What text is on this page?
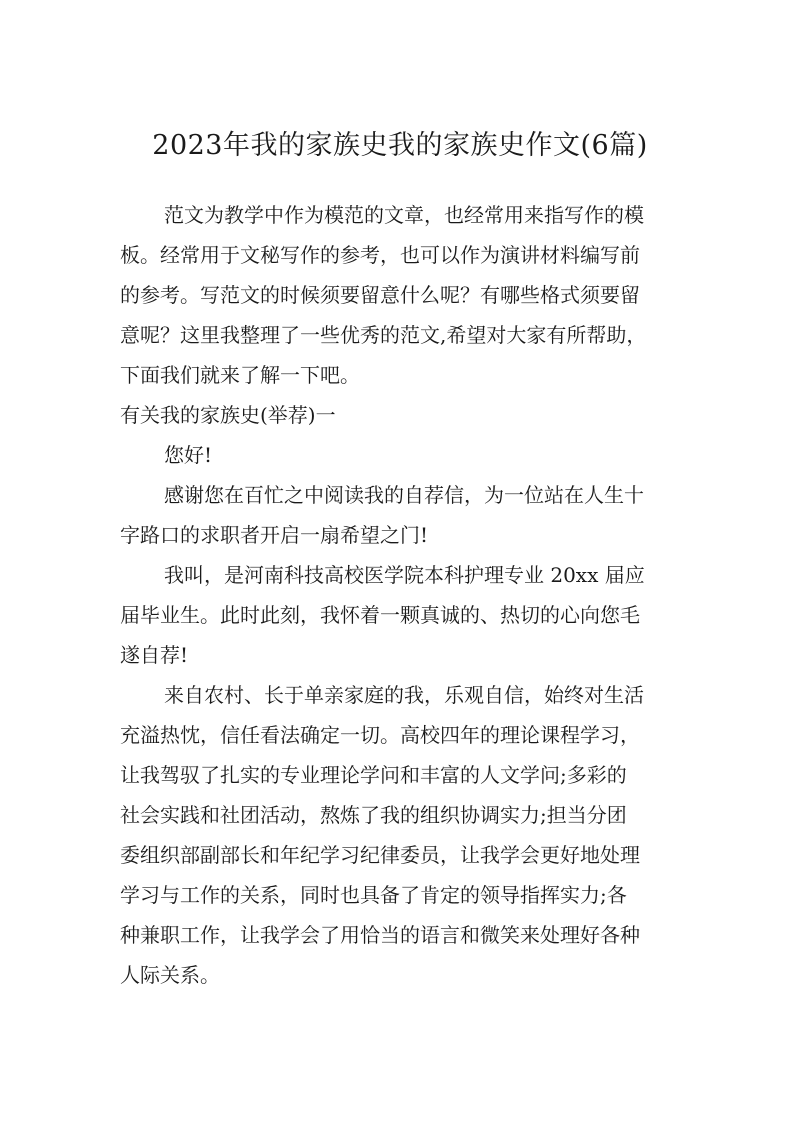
2023年我的家族史我的家族史作文(6篇)
范文为教学中作为模范的文章，也经常用来指写作的模
板。经常用于文秘写作的参考，也可以作为演讲材料编写前
的参考。写范文的时候须要留意什么呢？有哪些格式须要留
意呢？这里我整理了一些优秀的范文,希望对大家有所帮助，
下面我们就来了解一下吧。
有关我的家族史(举荐)一
您好!
感谢您在百忙之中阅读我的自荐信，为一位站在人生十
字路口的求职者开启一扇希望之门!
我叫，是河南科技高校医学院本科护理专业 20xx 届应
届毕业生。此时此刻，我怀着一颗真诚的、热切的心向您毛
遂自荐!
来自农村、长于单亲家庭的我，乐观自信，始终对生活
充溢热忱，信任看法确定一切。高校四年的理论课程学习，
让我驾驭了扎实的专业理论学问和丰富的人文学问;多彩的
社会实践和社团活动，熬炼了我的组织协调实力;担当分团
委组织部副部长和年纪学习纪律委员，让我学会更好地处理
学习与工作的关系，同时也具备了肯定的领导指挥实力;各
种兼职工作，让我学会了用恰当的语言和微笑来处理好各种
人际关系。
